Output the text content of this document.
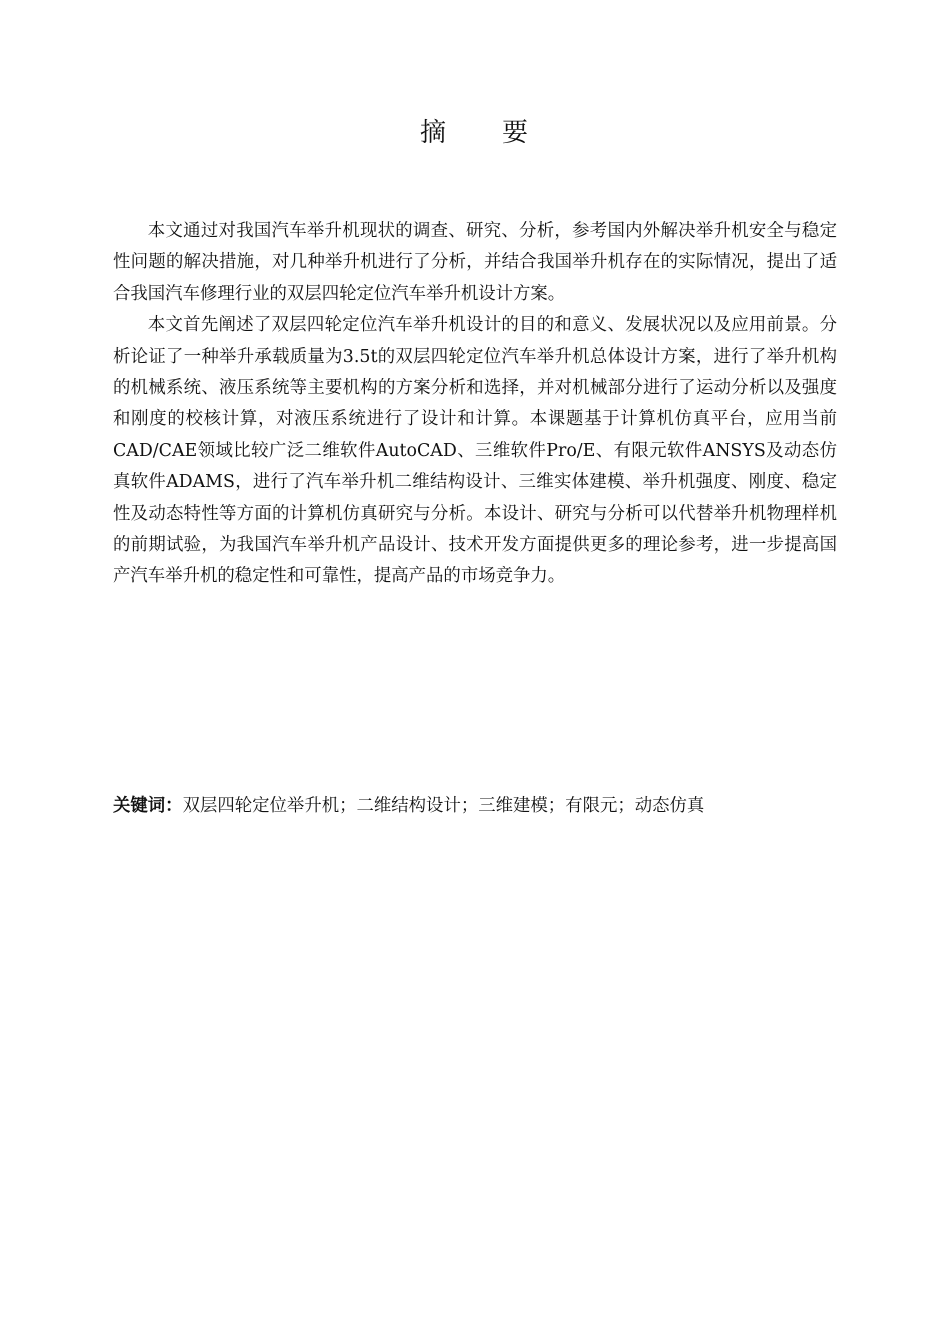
摘 要

本文通过对我国汽车举升机现状的调查、研究、分析，参考国内外解决举升机安全与稳定性问题的解决措施，对几种举升机进行了分析，并结合我国举升机存在的实际情况，提出了适合我国汽车修理行业的双层四轮定位汽车举升机设计方案。

本文首先阐述了双层四轮定位汽车举升机设计的目的和意义、发展状况以及应用前景。分析论证了一种举升承载质量为3.5t的双层四轮定位汽车举升机总体设计方案，进行了举升机构的机械系统、液压系统等主要机构的方案分析和选择，并对机械部分进行了运动分析以及强度和刚度的校核计算，对液压系统进行了设计和计算。本课题基于计算机仿真平台，应用当前CAD/CAE领域比较广泛二维软件AutoCAD、三维软件Pro/E、有限元软件ANSYS及动态仿真软件ADAMS，进行了汽车举升机二维结构设计、三维实体建模、举升机强度、刚度、稳定性及动态特性等方面的计算机仿真研究与分析。本设计、研究与分析可以代替举升机物理样机的前期试验，为我国汽车举升机产品设计、技术开发方面提供更多的理论参考，进一步提高国产汽车举升机的稳定性和可靠性，提高产品的市场竞争力。

关键词：双层四轮定位举升机；二维结构设计；三维建模；有限元；动态仿真
